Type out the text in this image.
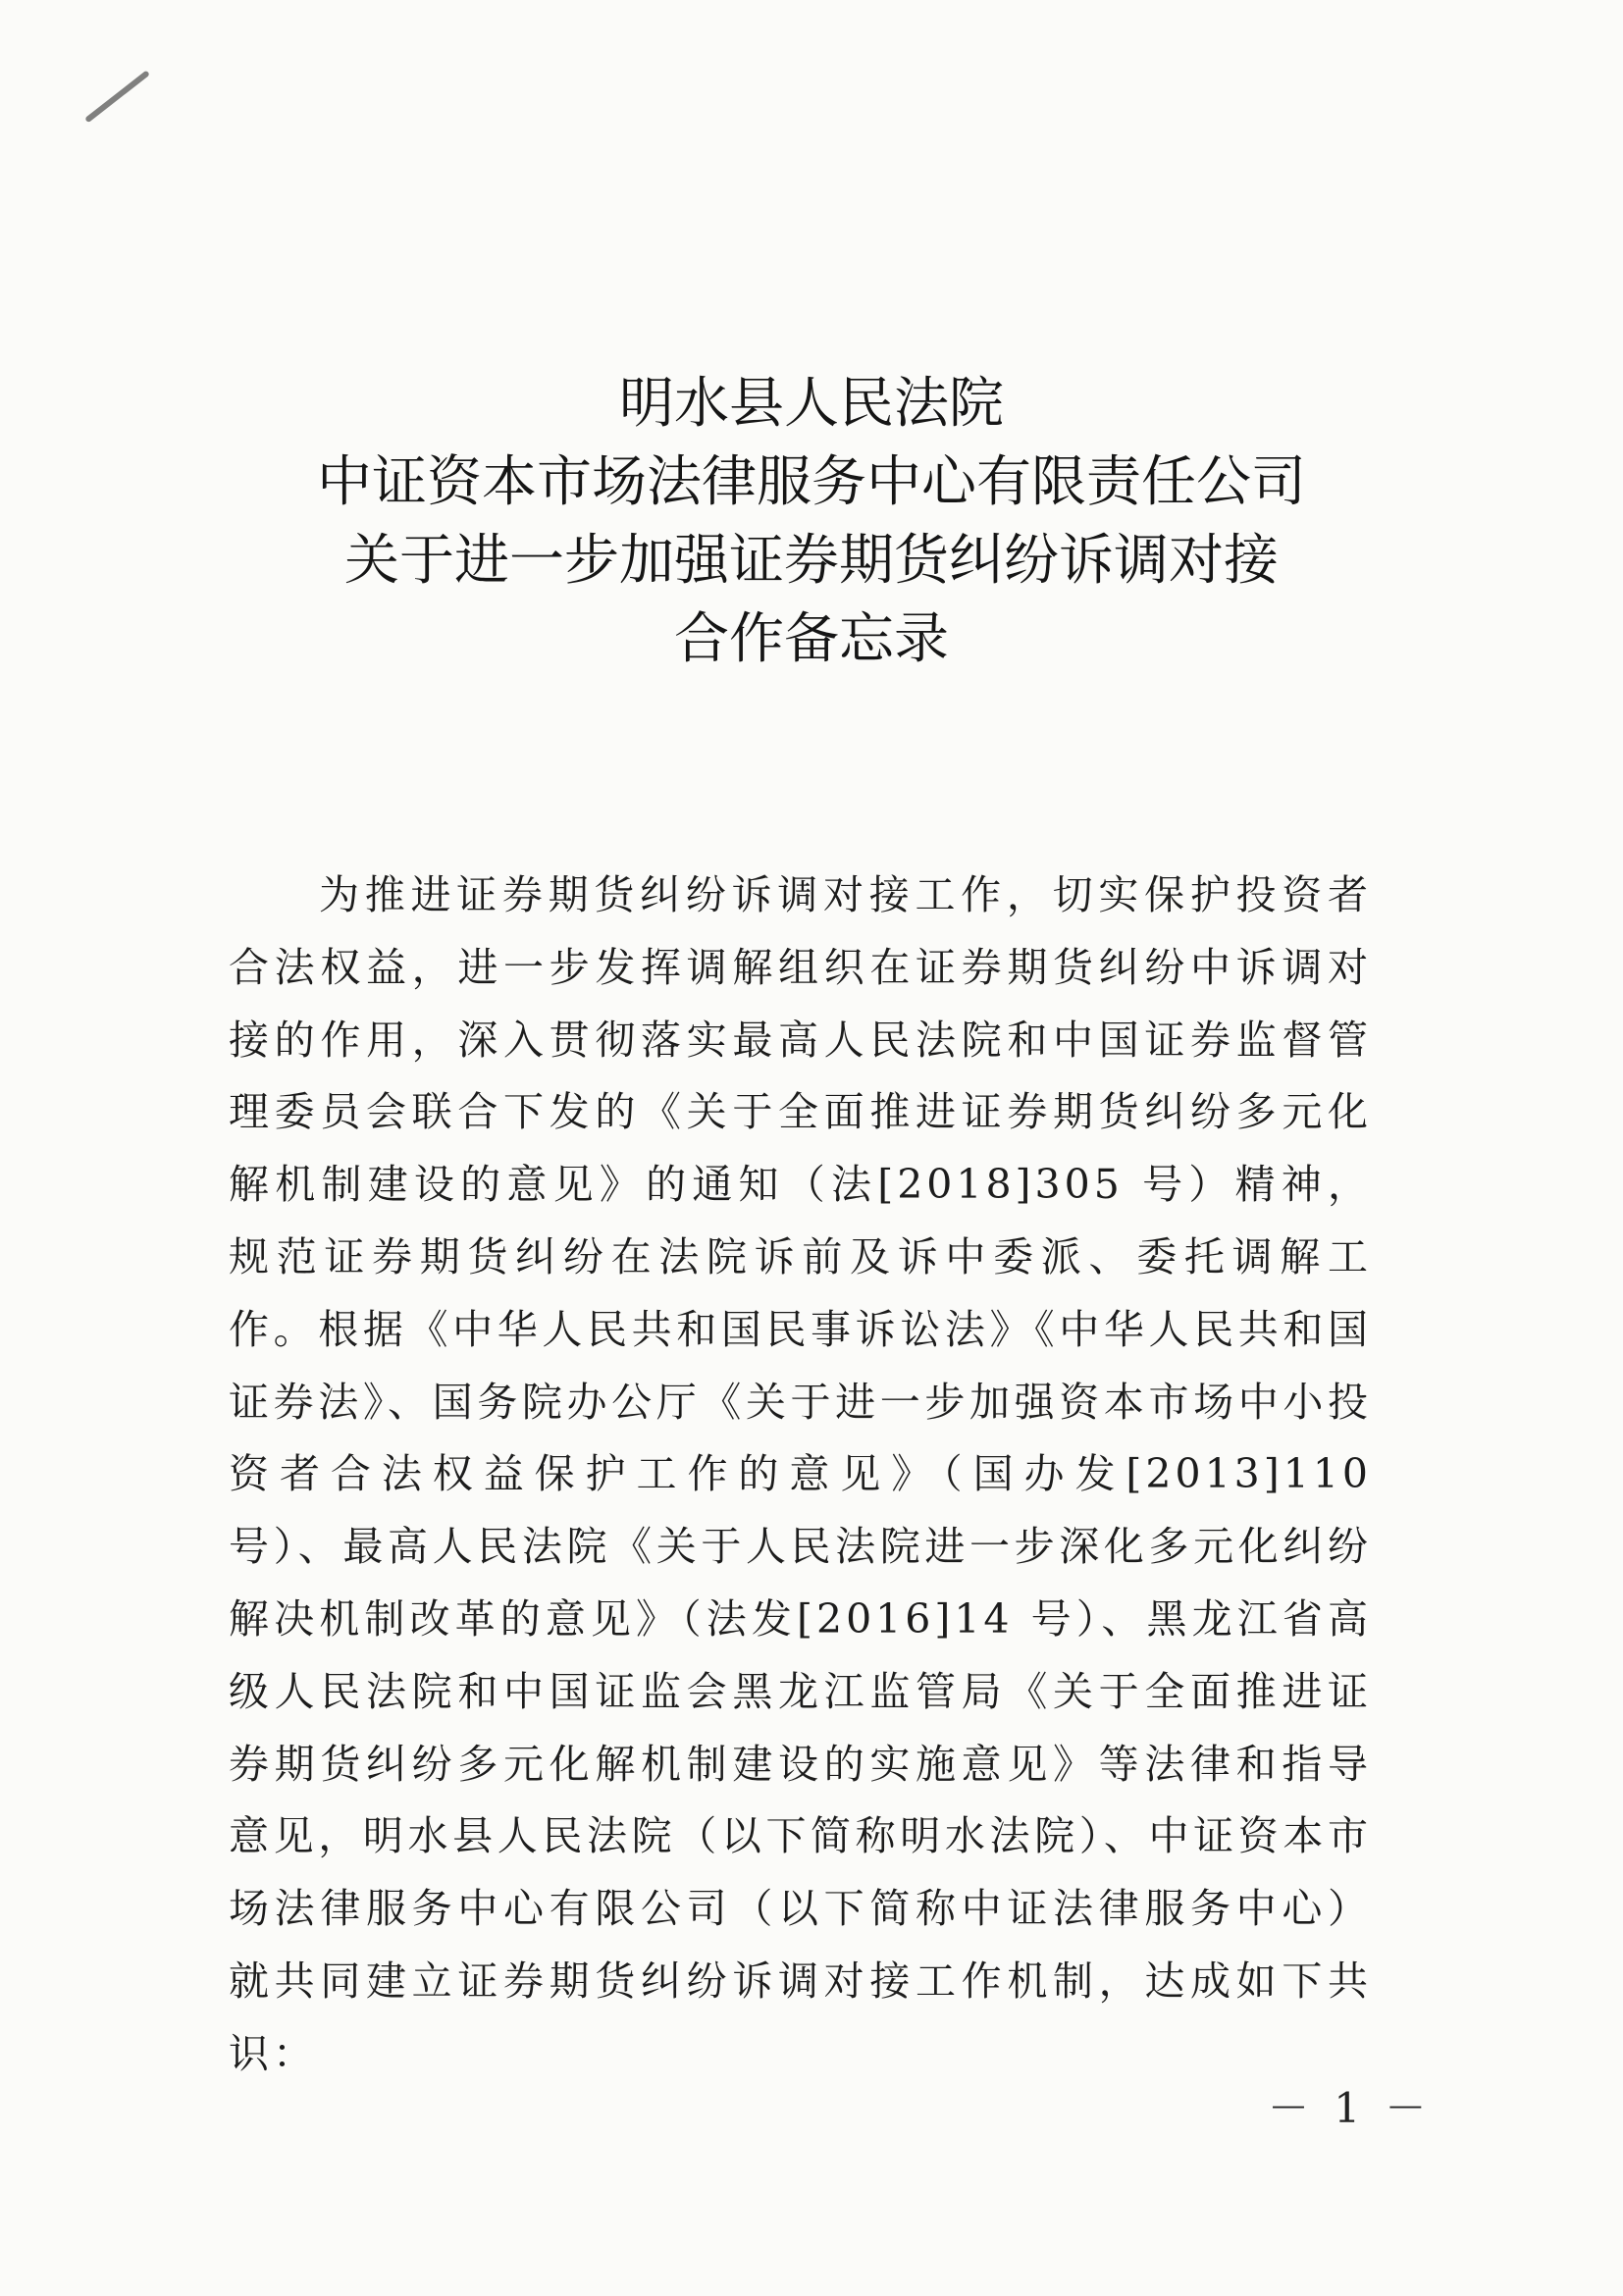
明水县人民法院
中证资本市场法律服务中心有限责任公司
关于进一步加强证券期货纠纷诉调对接
合作备忘录

为推进证券期货纠纷诉调对接工作，切实保护投资者合法权益，进一步发挥调解组织在证券期货纠纷中诉调对接的作用，深入贯彻落实最高人民法院和中国证券监督管理委员会联合下发的《关于全面推进证券期货纠纷多元化解机制建设的意见》的通知（法[2018]305 号）精神，规范证券期货纠纷在法院诉前及诉中委派、委托调解工作。根据《中华人民共和国民事诉讼法》《中华人民共和国证券法》、国务院办公厅《关于进一步加强资本市场中小投资者合法权益保护工作的意见》（国办发[2013]110 号）、最高人民法院《关于人民法院进一步深化多元化纠纷解决机制改革的意见》（法发[2016]14 号）、黑龙江省高级人民法院和中国证监会黑龙江监管局《关于全面推进证券期货纠纷多元化解机制建设的实施意见》等法律和指导意见，明水县人民法院（以下简称明水法院）、中证资本市场法律服务中心有限公司（以下简称中证法律服务中心）就共同建立证券期货纠纷诉调对接工作机制，达成如下共识：

－ 1 －
